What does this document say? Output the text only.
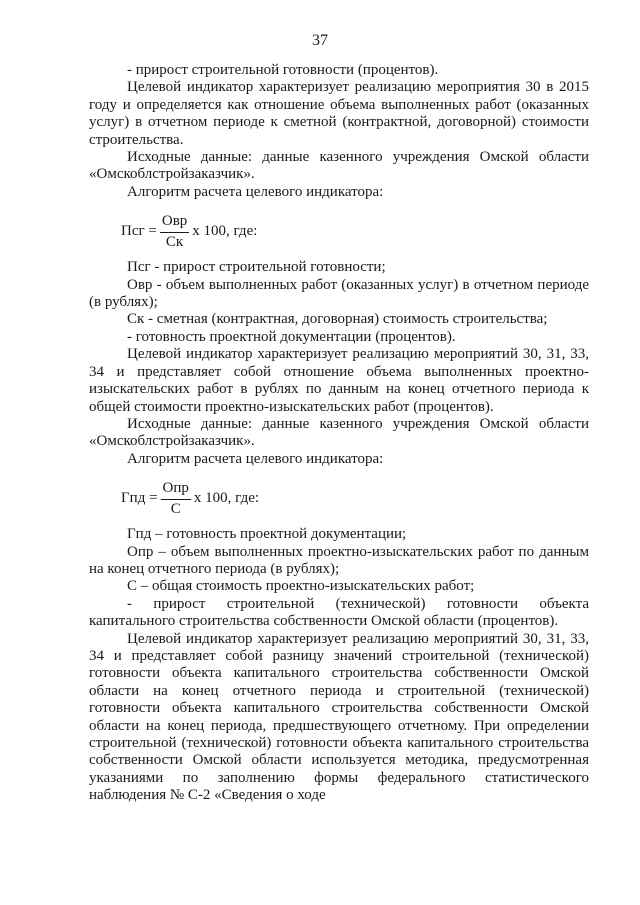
37

- прирост строительной готовности (процентов).

Целевой индикатор характеризует реализацию мероприятия 30 в 2015 году и определяется как отношение объема выполненных работ (оказанных услуг) в отчетном периоде к сметной (контрактной, договорной) стоимости строительства.

Исходные данные: данные казенного учреждения Омской области «Омскоблстройзаказчик».

Алгоритм расчета целевого индикатора:

Псг = $\frac{\text{Овр}}{Ск}$ х 100, где:

Псг - прирост строительной готовности;

Овр - объем выполненных работ (оказанных услуг) в отчетном периоде (в рублях);

Ск - сметная (контрактная, договорная) стоимость строительства;

- готовность проектной документации (процентов).

Целевой индикатор характеризует реализацию мероприятий 30, 31, 33, 34 и представляет собой отношение объема выполненных проектно-изыскательских работ в рублях по данным на конец отчетного периода к общей стоимости проектно-изыскательских работ (процентов).

Исходные данные: данные казенного учреждения Омской области «Омскоблстройзаказчик».

Алгоритм расчета целевого индикатора:

Гпд = $\frac{\text{Опр}}{С}$ х 100, где:

Гпд – готовность проектной документации;

Опр – объем выполненных проектно-изыскательских работ по данным на конец отчетного периода (в рублях);

С – общая стоимость проектно-изыскательских работ;

- прирост строительной (технической) готовности объекта капитального строительства собственности Омской области (процентов).

Целевой индикатор характеризует реализацию мероприятий 30, 31, 33, 34 и представляет собой разницу значений строительной (технической) готовности объекта капитального строительства собственности Омской области на конец отчетного периода и строительной (технической) готовности объекта капитального строительства собственности Омской области на конец периода, предшествующего отчетному. При определении строительной (технической) готовности объекта капитального строительства собственности Омской области используется методика, предусмотренная указаниями по заполнению формы федерального статистического наблюдения № С-2 «Сведения о ходе
